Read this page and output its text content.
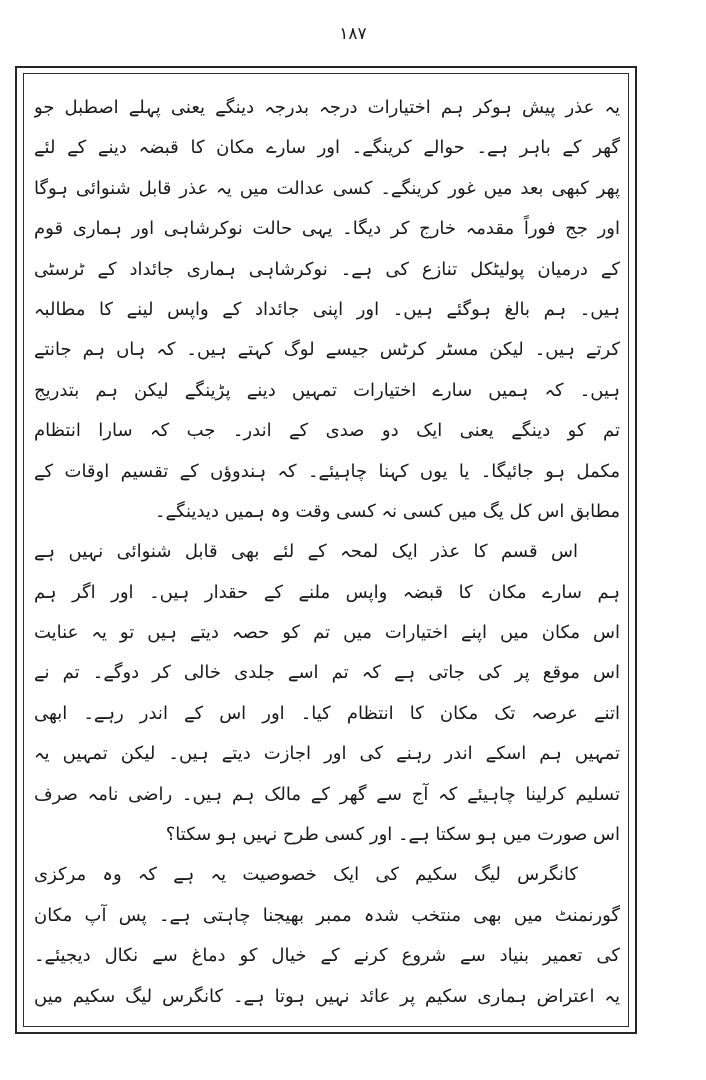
۱۸۷
یہ عذر پیش ہوکر ہم اختیارات درجہ بدرجہ دینگے یعنی پہلے اصطبل جو
گھر کے باہر ہے۔ حوالے کرینگے۔ اور سارے مکان کا قبضہ دینے کے لئے
پھر کبھی بعد میں غور کرینگے۔ کسی عدالت میں یہ عذر قابل شنوائی ہوگا
اور جج فوراً مقدمہ خارج کر دیگا۔ یہی حالت نوکرشاہی اور ہماری قوم
کے درمیان پولیٹکل تنازع کی ہے۔ نوکرشاہی ہماری جائداد کے ٹرسٹی
ہیں۔ ہم بالغ ہوگئے ہیں۔ اور اپنی جائداد کے واپس لینے کا مطالبہ
کرتے ہیں۔ لیکن مسٹر کرٹس جیسے لوگ کہتے ہیں۔ کہ ہاں ہم جانتے
ہیں۔ کہ ہمیں سارے اختیارات تمہیں دینے پڑینگے لیکن ہم بتدریج
تم کو دینگے یعنی ایک دو صدی کے اندر۔ جب کہ سارا انتظام
مکمل ہو جائیگا۔ یا یوں کہنا چاہیئے۔ کہ ہندوؤں کے تقسیم اوقات کے
مطابق اس کل یگ میں کسی نہ کسی وقت وہ ہمیں دیدینگے۔
اس قسم کا عذر ایک لمحہ کے لئے بھی قابل شنوائی نہیں ہے
ہم سارے مکان کا قبضہ واپس ملنے کے حقدار ہیں۔ اور اگر ہم
اس مکان میں اپنے اختیارات میں تم کو حصہ دیتے ہیں تو یہ عنایت
اس موقع پر کی جاتی ہے کہ تم اسے جلدی خالی کر دوگے۔ تم نے
اتنے عرصہ تک مکان کا انتظام کیا۔ اور اس کے اندر رہے۔ ابھی
تمہیں ہم اسکے اندر رہنے کی اور اجازت دیتے ہیں۔ لیکن تمہیں یہ
تسلیم کرلینا چاہیئے کہ آج سے گھر کے مالک ہم ہیں۔ راضی نامہ صرف
اس صورت میں ہو سکتا ہے۔ اور کسی طرح نہیں ہو سکتا؟
کانگرس لیگ سکیم کی ایک خصوصیت یہ ہے کہ وہ مرکزی
گورنمنٹ میں بھی منتخب شدہ ممبر بھیجنا چاہتی ہے۔ پس آپ مکان
کی تعمیر بنیاد سے شروع کرنے کے خیال کو دماغ سے نکال دیجیئے۔
یہ اعتراض ہماری سکیم پر عائد نہیں ہوتا ہے۔ کانگرس لیگ سکیم میں
